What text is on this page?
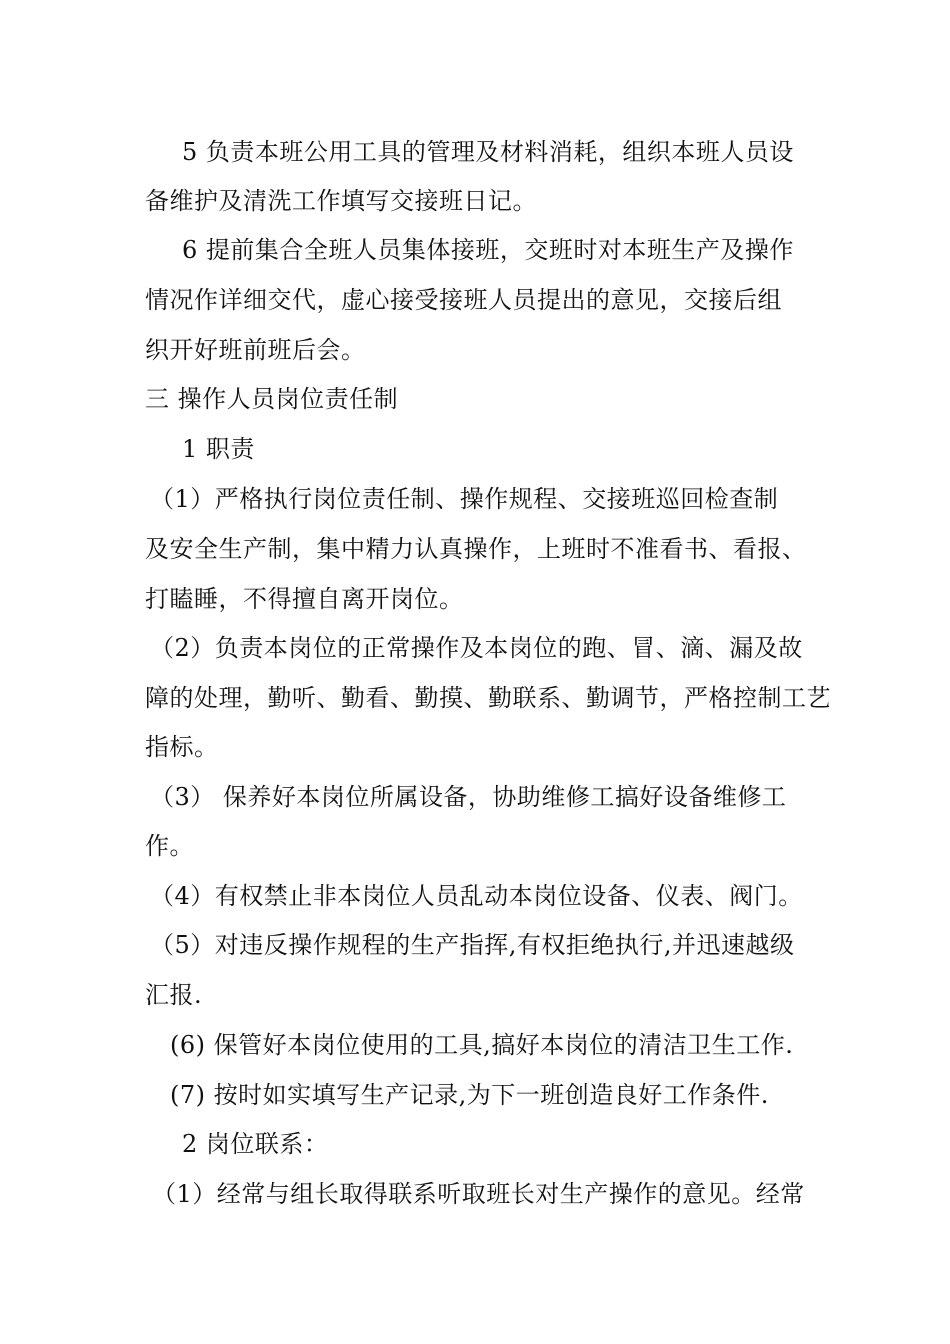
5 负责本班公用工具的管理及材料消耗，组织本班人员设
备维护及清洗工作填写交接班日记。
6 提前集合全班人员集体接班，交班时对本班生产及操作
情况作详细交代，虚心接受接班人员提出的意见，交接后组
织开好班前班后会。
三 操作人员岗位责任制
1 职责
（1）严格执行岗位责任制、操作规程、交接班巡回检查制
及安全生产制，集中精力认真操作，上班时不准看书、看报、
打瞌睡，不得擅自离开岗位。
（2）负责本岗位的正常操作及本岗位的跑、冒、滴、漏及故
障的处理，勤听、勤看、勤摸、勤联系、勤调节，严格控制工艺
指标。
（3） 保养好本岗位所属设备，协助维修工搞好设备维修工
作。
（4）有权禁止非本岗位人员乱动本岗位设备、仪表、阀门。
（5）对违反操作规程的生产指挥,有权拒绝执行,并迅速越级
汇报.
(6) 保管好本岗位使用的工具,搞好本岗位的清洁卫生工作.
(7) 按时如实填写生产记录,为下一班创造良好工作条件.
2 岗位联系：
（1）经常与组长取得联系听取班长对生产操作的意见。经常
